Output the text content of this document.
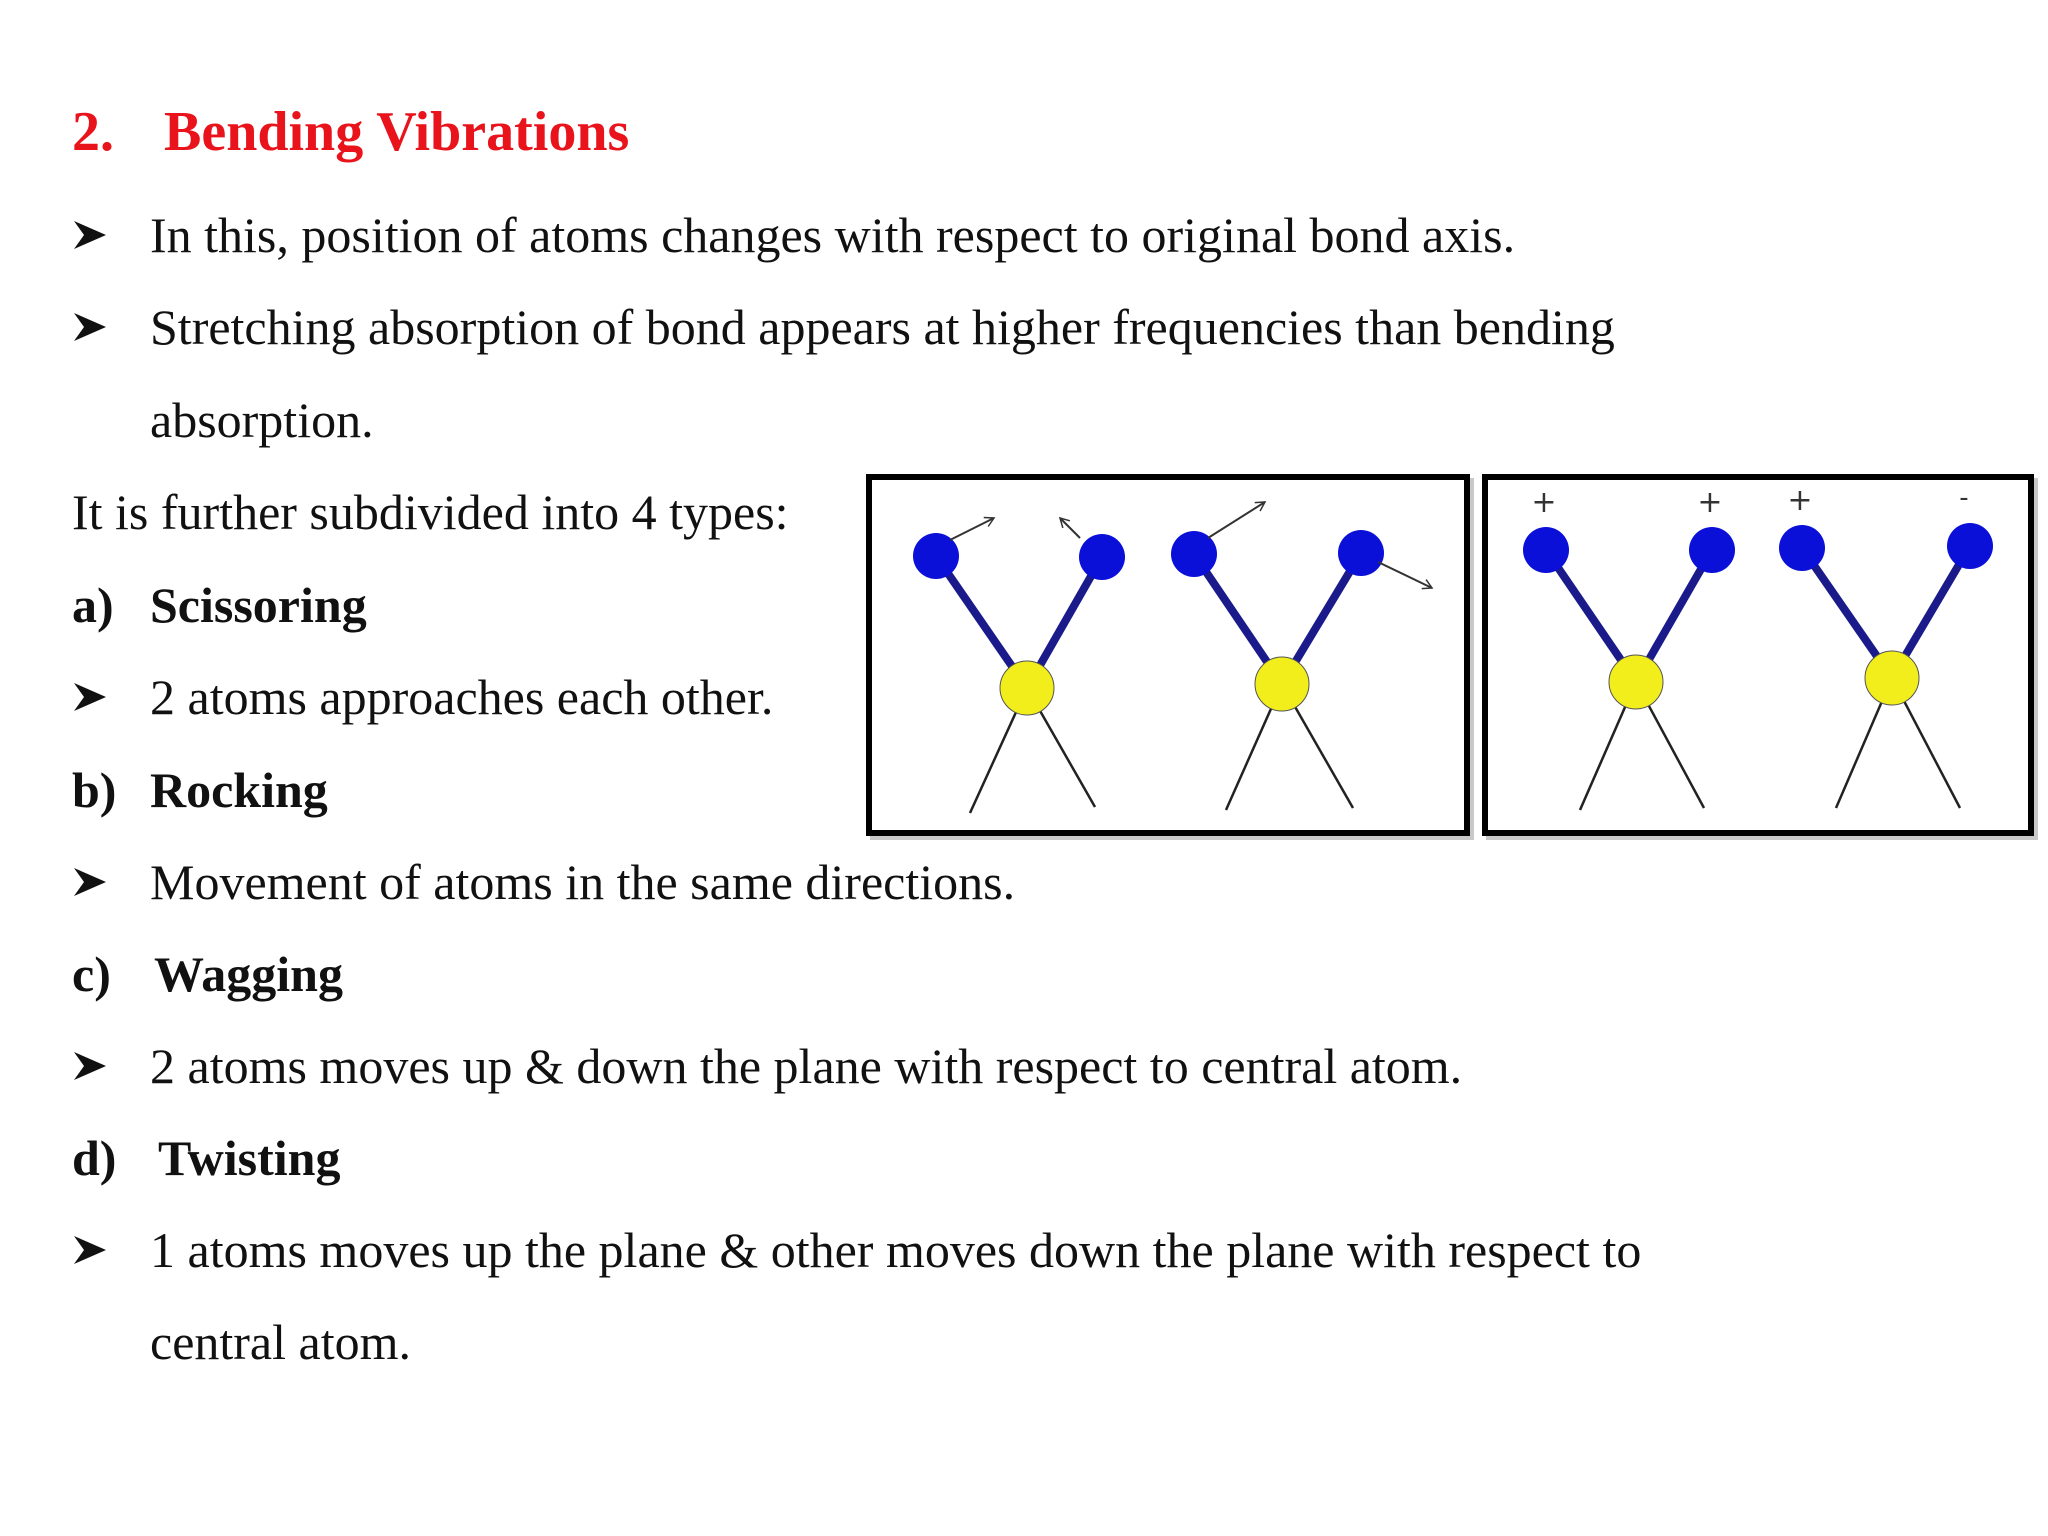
2. Bending Vibrations
In this, position of atoms changes with respect to original bond axis.
Stretching absorption of bond appears at higher frequencies than bending
absorption.
It is further subdivided into 4 types:
a) Scissoring
2 atoms approaches each other.
b) Rocking
Movement of atoms in the same directions.
c) Wagging
2 atoms moves up & down the plane with respect to central atom.
d) Twisting
1 atoms moves up the plane & other moves down the plane with respect to
central atom.
+	+ +	-
